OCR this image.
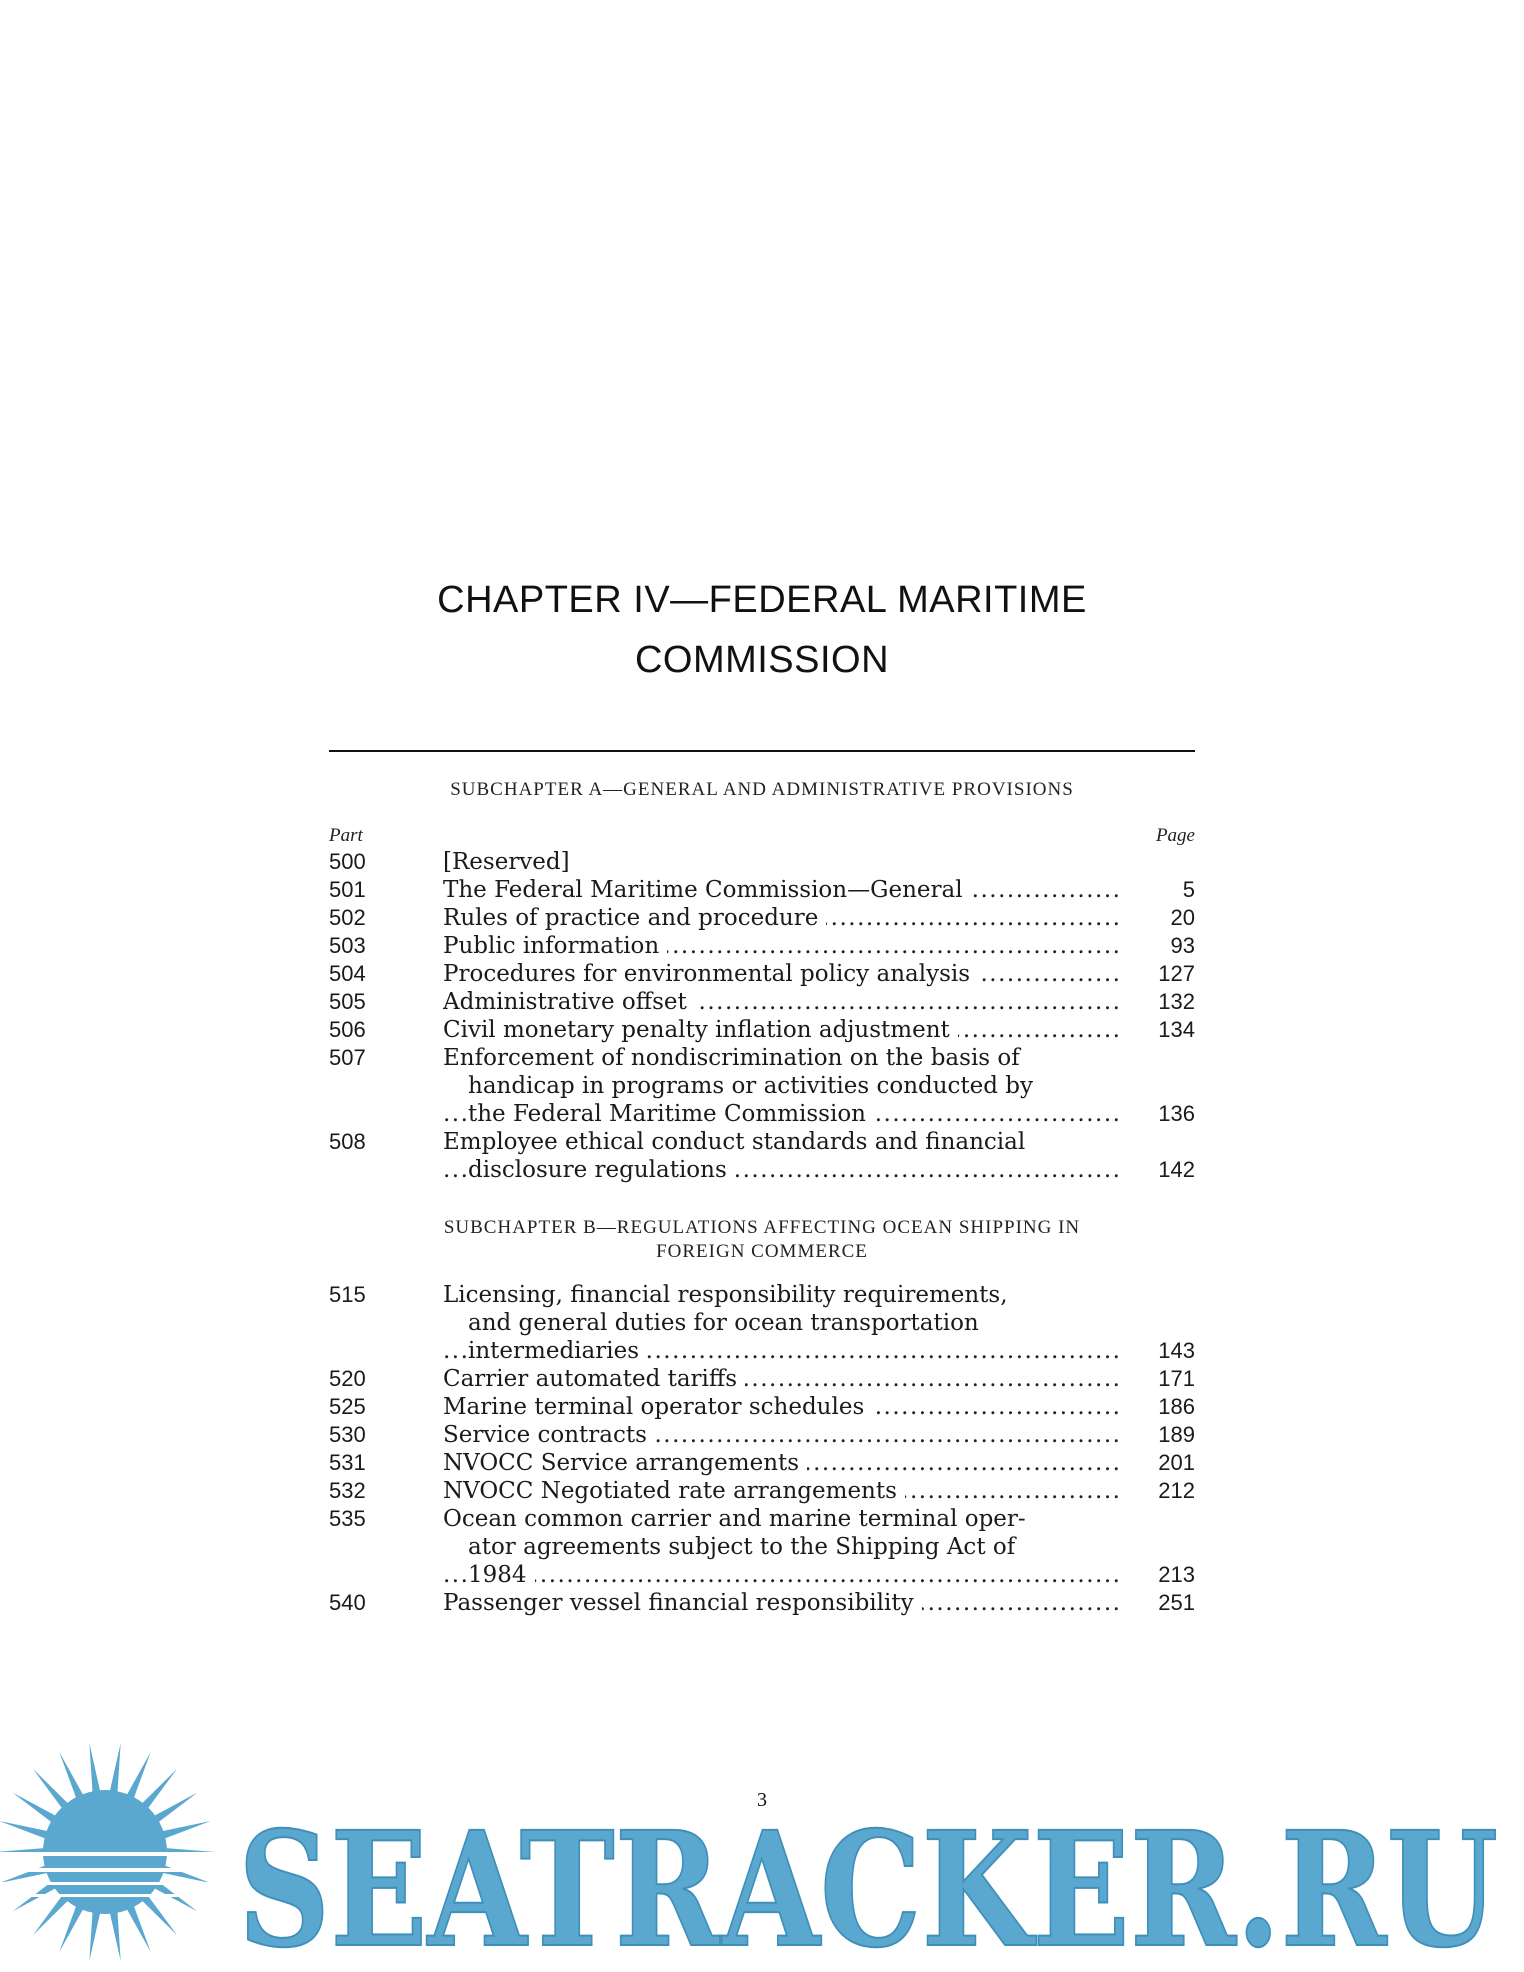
CHAPTER IV—FEDERAL MARITIME
COMMISSION
SUBCHAPTER A—GENERAL AND ADMINISTRATIVE PROVISIONS
Part	Page
500	[Reserved]
501	The Federal Maritime Commission—General .....	5
502	Rules of practice and procedure .....	20
503	Public information .....	93
504	Procedures for environmental policy analysis .....	127
505	Administrative offset .....	132
506	Civil monetary penalty inflation adjustment .....	134
507	Enforcement of nondiscrimination on the basis of
handicap in programs or activities conducted by
the Federal Maritime Commission .....	136
508	Employee ethical conduct standards and financial
disclosure regulations .....	142
SUBCHAPTER B—REGULATIONS AFFECTING OCEAN SHIPPING IN
FOREIGN COMMERCE
515	Licensing, financial responsibility requirements,
and general duties for ocean transportation
intermediaries .....	143
520	Carrier automated tariffs .....	171
525	Marine terminal operator schedules .....	186
530	Service contracts .....	189
531	NVOCC Service arrangements .....	201
532	NVOCC Negotiated rate arrangements .....	212
535	Ocean common carrier and marine terminal oper-
ator agreements subject to the Shipping Act of
1984 .....	213
540	Passenger vessel financial responsibility .....	251
3
SEATRACKER.RU
